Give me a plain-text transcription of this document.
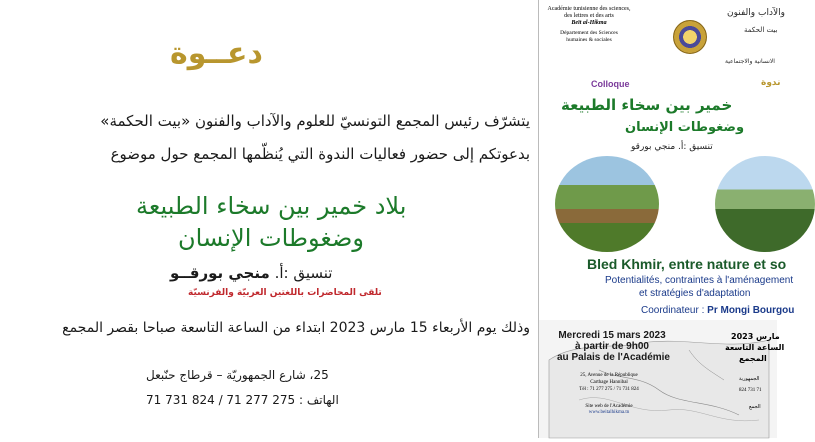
دعــوة
يتشرّف رئيس المجمع التونسيّ للعلوم والآداب والفنون «بيت الحكمة»
بدعوتكم إلى حضور فعاليات الندوة التي يُنظّمها المجمع حول موضوع
بلاد خمير بين سخاء الطبيعة
وضغوطات الإنسان
تنسيق :أ. منجي بورقــو
تلقى المحاضرات باللغتين العربيّة والفرنسيّة
وذلك يوم الأربعاء 15 مارس 2023 ابتداء من الساعة التاسعة صباحا بقصر المجمع
25، شارع الجمهوريّة – قرطاج حنّبعل
الهاتف : 275 277 71 / 824 731 71
Académie tunisienne des sciences,
des lettres et des arts
Beït al-Hikma
Département des Sciences
humaines & sociales
والآداب والفنون
بيت الحكمة
الانسانية والاجتماعية
Colloque	ندوة
خمير بين سخاء الطبيعة
وضغوطات الإنسان
تنسيق :أ. منجي بورقو
Bled Khmir, entre nature et so
Potentialités, contraintes à l'aménagement
et stratégies d'adaptation
Coordinateur : Pr Mongi Bourgou
Mercredi 15 mars 2023
à partir de 9h00
au Palais de l'Académie
مارس 2023
الساعة التاسعة
المجمع
25, Avenue de la République
Carthage Hannibal
Tél : 71 277 275 / 71 731 824
Site web de l'Académie
www.beitalhikma.tn
الجمهورية
71 731 824
الجمع
